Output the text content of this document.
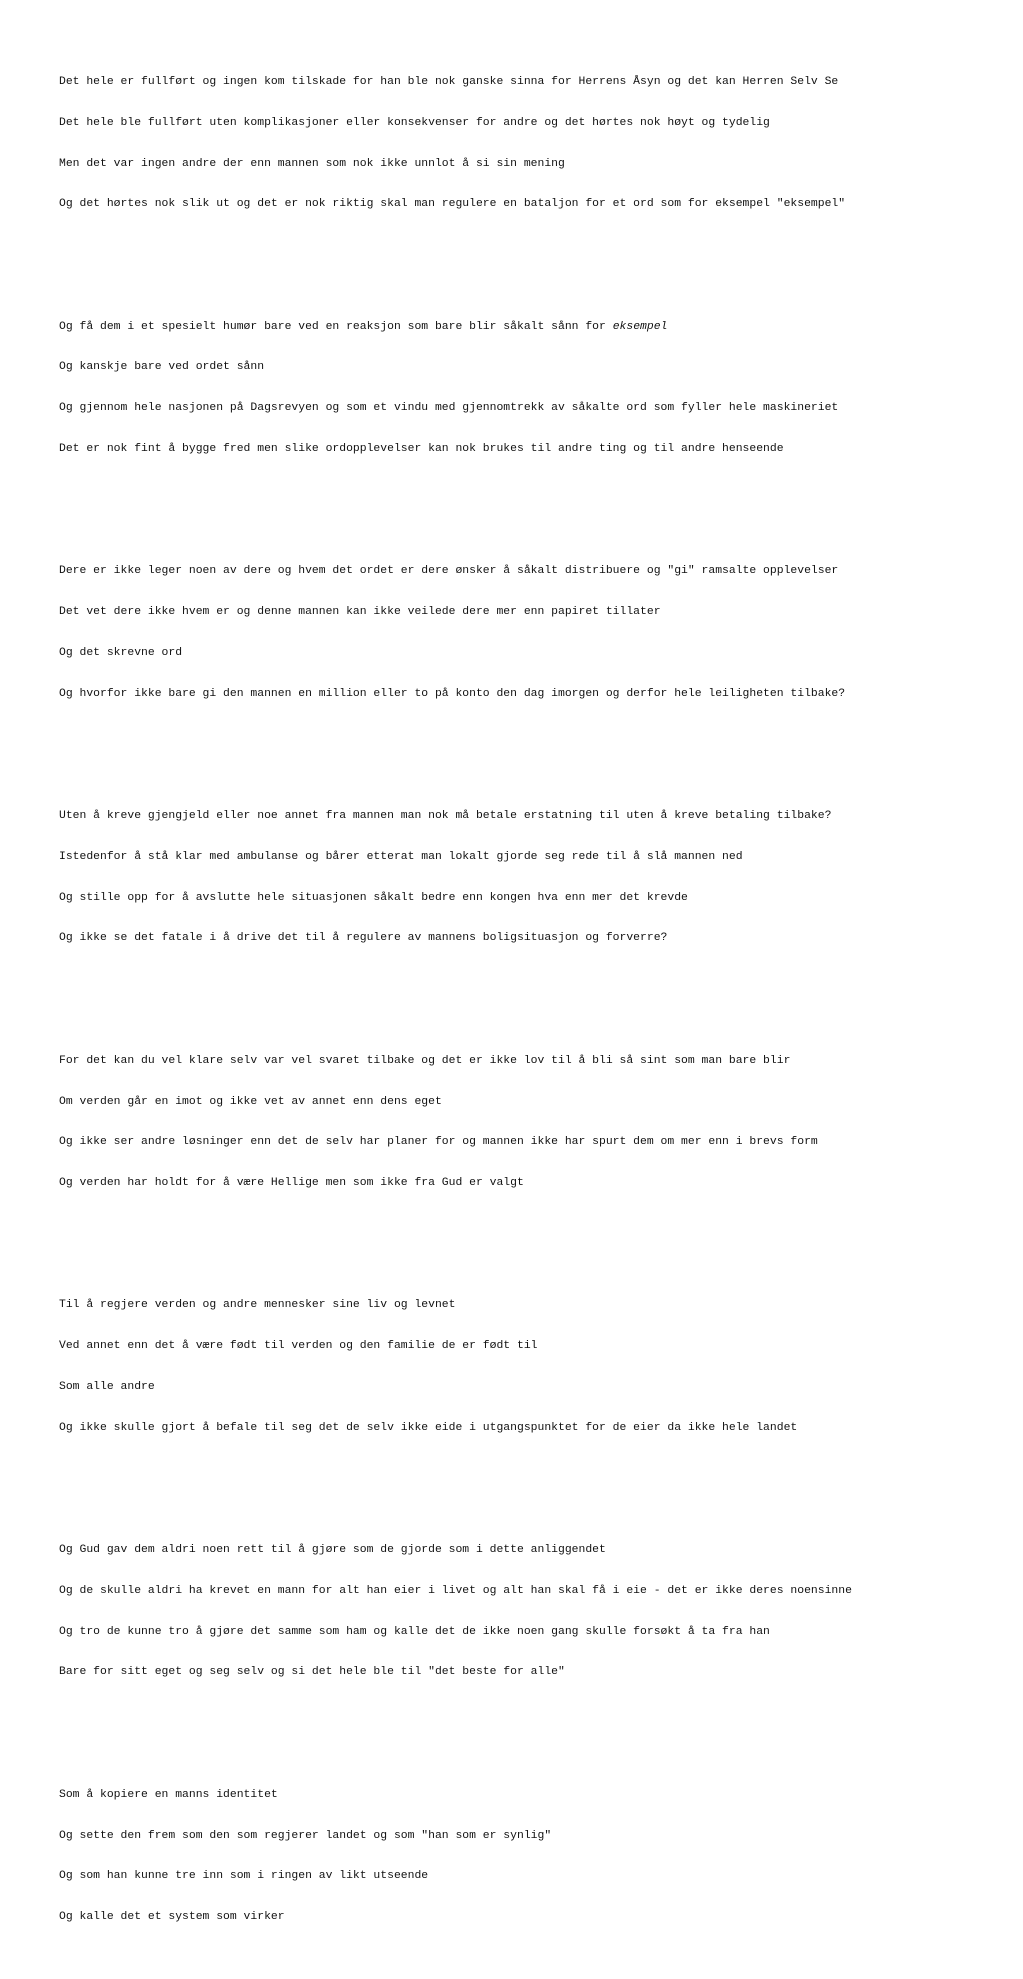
Det hele er fullført og ingen kom tilskade for han ble nok ganske sinna for Herrens Åsyn og det kan Herren Selv Se

Det hele ble fullført uten komplikasjoner eller konsekvenser for andre og det hørtes nok høyt og tydelig

Men det var ingen andre der enn mannen som nok ikke unnlot å si sin mening

Og det hørtes nok slik ut og det er nok riktig skal man regulere en bataljon for et ord som for eksempel "eksempel"

Og få dem i et spesielt humør bare ved en reaksjon som bare blir såkalt sånn for eksempel

Og kanskje bare ved ordet sånn

Og gjennom hele nasjonen på Dagsrevyen og som et vindu med gjennomtrekk av såkalte ord som fyller hele maskineriet

Det er nok fint å bygge fred men slike ordopplevelser kan nok brukes til andre ting og til andre henseende

Dere er ikke leger noen av dere og hvem det ordet er dere ønsker å såkalt distribuere og "gi" ramsalte opplevelser

Det vet dere ikke hvem er og denne mannen kan ikke veilede dere mer enn papiret tillater

Og det skrevne ord

Og hvorfor ikke bare gi den mannen en million eller to på konto den dag imorgen og derfor hele leiligheten tilbake?

Uten å kreve gjengjeld eller noe annet fra mannen man nok må betale erstatning til uten å kreve betaling tilbake?

Istedenfor å stå klar med ambulanse og bårer etterat man lokalt gjorde seg rede til å slå mannen ned

Og stille opp for å avslutte hele situasjonen såkalt bedre enn kongen hva enn mer det krevde

Og ikke se det fatale i å drive det til å regulere av mannens boligsituasjon og forverre?

For det kan du vel klare selv var vel svaret tilbake og det er ikke lov til å bli så sint som man bare blir

Om verden går en imot og ikke vet av annet enn dens eget

Og ikke ser andre løsninger enn det de selv har planer for og mannen ikke har spurt dem om mer enn i brevs form

Og verden har holdt for å være Hellige men som ikke fra Gud er valgt

Til å regjere verden og andre mennesker sine liv og levnet

Ved annet enn det å være født til verden og den familie de er født til

Som alle andre

Og ikke skulle gjort å befale til seg det de selv ikke eide i utgangspunktet for de eier da ikke hele landet

Og Gud gav dem aldri noen rett til å gjøre som de gjorde som i dette anliggendet

Og de skulle aldri ha krevet en mann for alt han eier i livet og alt han skal få i eie - det er ikke deres noensinne

Og tro de kunne tro å gjøre det samme som ham og kalle det de ikke noen gang skulle forsøkt å ta fra han

Bare for sitt eget og seg selv og si det hele ble til "det beste for alle"

Som å kopiere en manns identitet

Og sette den frem som den som regjerer landet og som "han som er synlig"

Og som han kunne tre inn som i ringen av likt utseende

Og kalle det et system som virker
